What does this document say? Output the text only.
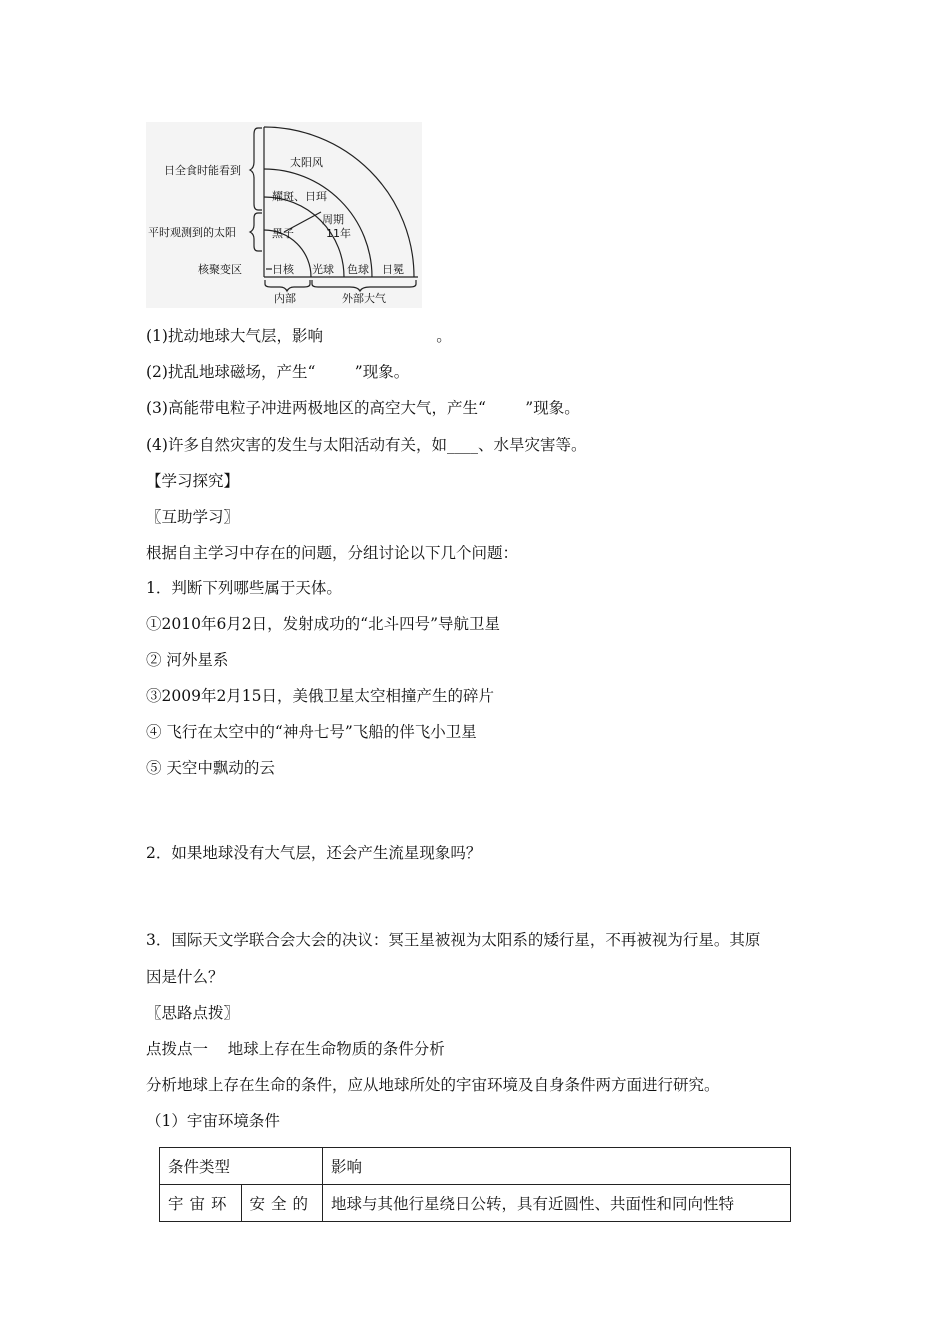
日全食时能看到
平时观测到的太阳
核聚变区
太阳风
耀斑、日珥
周期
11年
黑子
日核 光球 色球 日冕
内部	外部大气
(1)扰动地球大气层，影响                       。
(2)扰乱地球磁场，产生“        ”现象。
(3)高能带电粒子冲进两极地区的高空大气，产生“        ”现象。
(4)许多自然灾害的发生与太阳活动有关，如____、水旱灾害等。
【学习探究】
〖互助学习〗
根据自主学习中存在的问题，分组讨论以下几个问题：
1．判断下列哪些属于天体。
①2010年6月2日，发射成功的“北斗四号”导航卫星
② 河外星系
③2009年2月15日，美俄卫星太空相撞产生的碎片
④ 飞行在太空中的“神舟七号”飞船的伴飞小卫星
⑤ 天空中飘动的云
2．如果地球没有大气层，还会产生流星现象吗？
3．国际天文学联合会大会的决议：冥王星被视为太阳系的矮行星，不再被视为行星。其原
因是什么？
〖思路点拨〗
点拨点一    地球上存在生命物质的条件分析
分析地球上存在生命的条件，应从地球所处的宇宙环境及自身条件两方面进行研究。
（1）宇宙环境条件
条件类型		影响
宇宙环	安全的	地球与其他行星绕日公转，具有近圆性、共面性和同向性特
